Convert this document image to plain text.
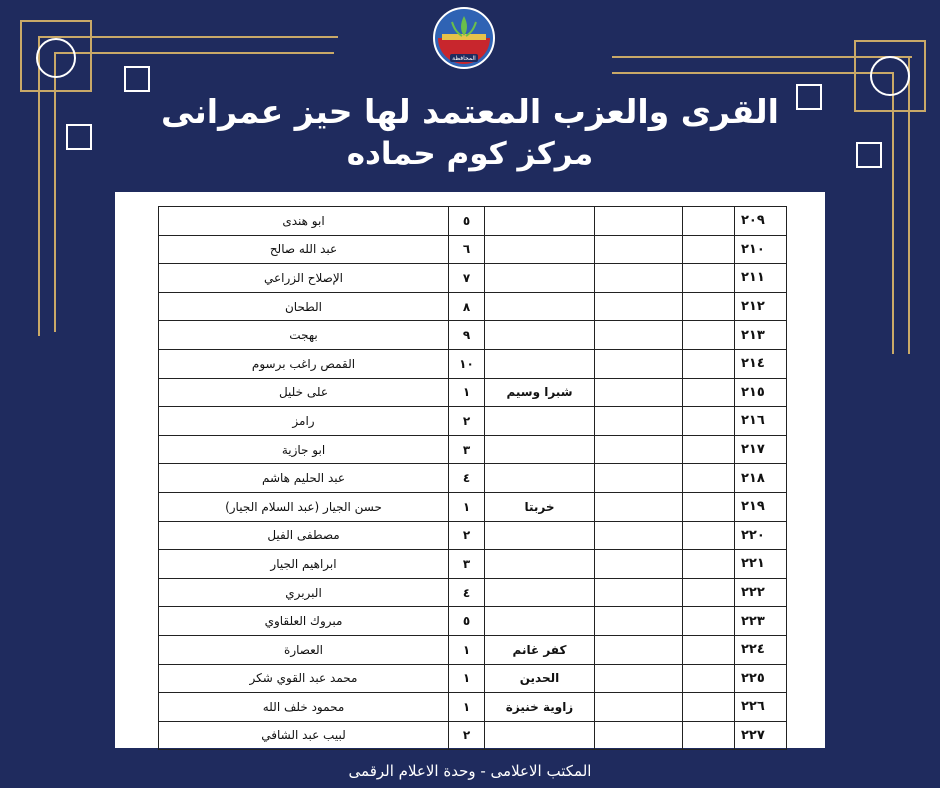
المحافظة
القرى والعزب المعتمد لها حيز عمرانى
مركز كوم حماده
ابو هندى	٥				٢٠٩
عبد الله صالح	٦				٢١٠
الإصلاح الزراعي	٧				٢١١
الطحان	٨				٢١٢
بهجت	٩				٢١٣
القمص راغب برسوم	١٠				٢١٤
على خليل	١	شبرا وسيم			٢١٥
رامز	٢				٢١٦
ابو جازية	٣				٢١٧
عبد الحليم هاشم	٤				٢١٨
حسن الجيار (عبد السلام الجيار)	١	خربتا			٢١٩
مصطفى الفيل	٢				٢٢٠
ابراهيم الجيار	٣				٢٢١
البربري	٤				٢٢٢
مبروك العلقاوي	٥				٢٢٣
العصارة	١	كفر غانم			٢٢٤
محمد عبد القوي شكر	١	الحدين			٢٢٥
محمود خلف الله	١	زاوية خنيزة			٢٢٦
لبيب عبد الشافي	٢				٢٢٧
المكتب الاعلامى - وحدة الاعلام الرقمى
